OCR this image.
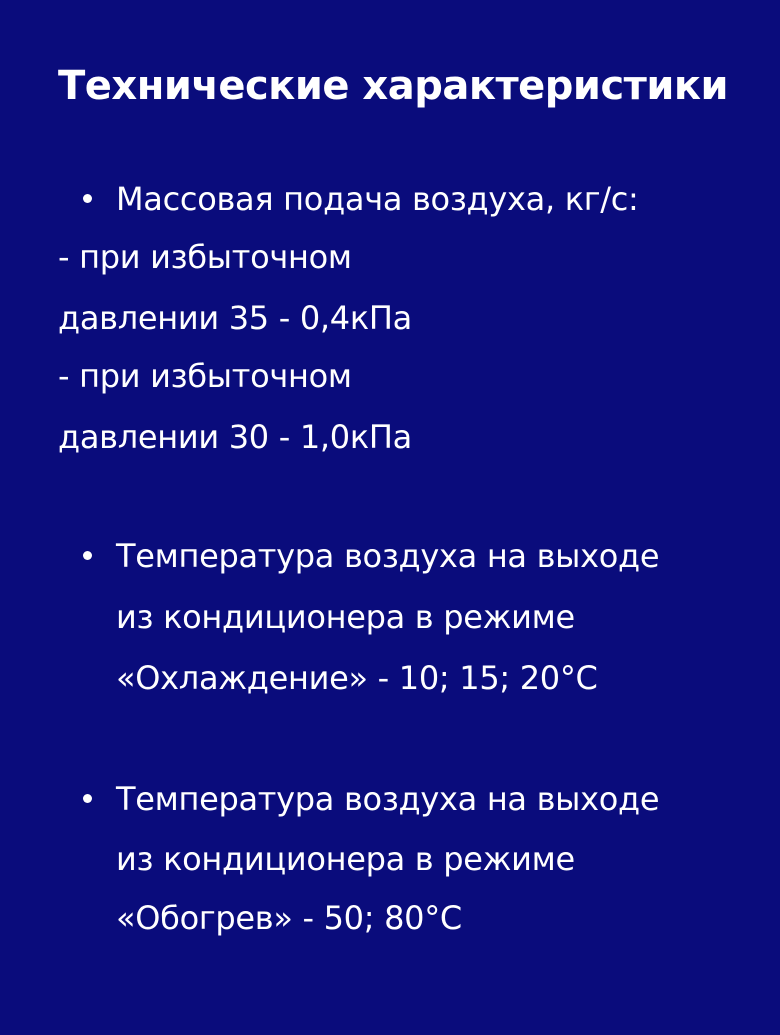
Технические характеристики
Массовая подача воздуха, кг/с:
- при избыточном
давлении 35 - 0,4кПа
- при избыточном
давлении 30 - 1,0кПа
Температура воздуха на выходе
из кондиционера в режиме
«Охлаждение» - 10; 15; 20°C
Температура воздуха на выходе
из кондиционера в режиме
«Обогрев» - 50; 80°C
